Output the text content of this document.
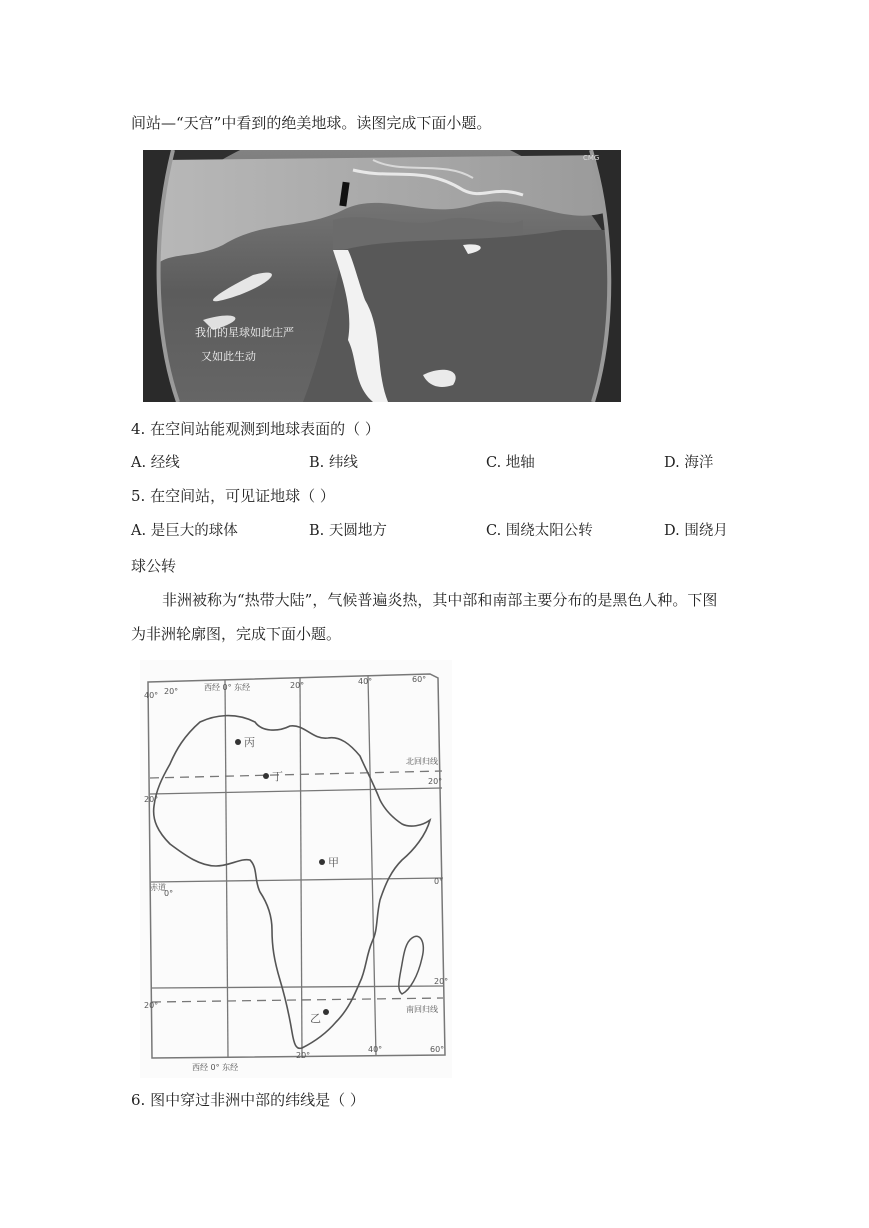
间站—“天宫”中看到的绝美地球。读图完成下面小题。
CMG
我们的星球如此庄严
又如此生动
4. 在空间站能观测到地球表面的（ ）
A. 经线	B. 纬线	C. 地轴	D. 海洋
5. 在空间站，可见证地球（ ）
A. 是巨大的球体	B. 天圆地方	C. 围绕太阳公转	D. 围绕月
球公转
非洲被称为“热带大陆”，气候普遍炎热，其中部和南部主要分布的是黑色人种。下图
为非洲轮廓图，完成下面小题。
丙
丁
甲
乙
40° 20°	西经 0° 东经	20°	40°	60°
西经 0° 东经
20°
40°	60°
20°
20°
0°
0°
20°
20°
北回归线
赤道
南回归线
6. 图中穿过非洲中部的纬线是（ ）
